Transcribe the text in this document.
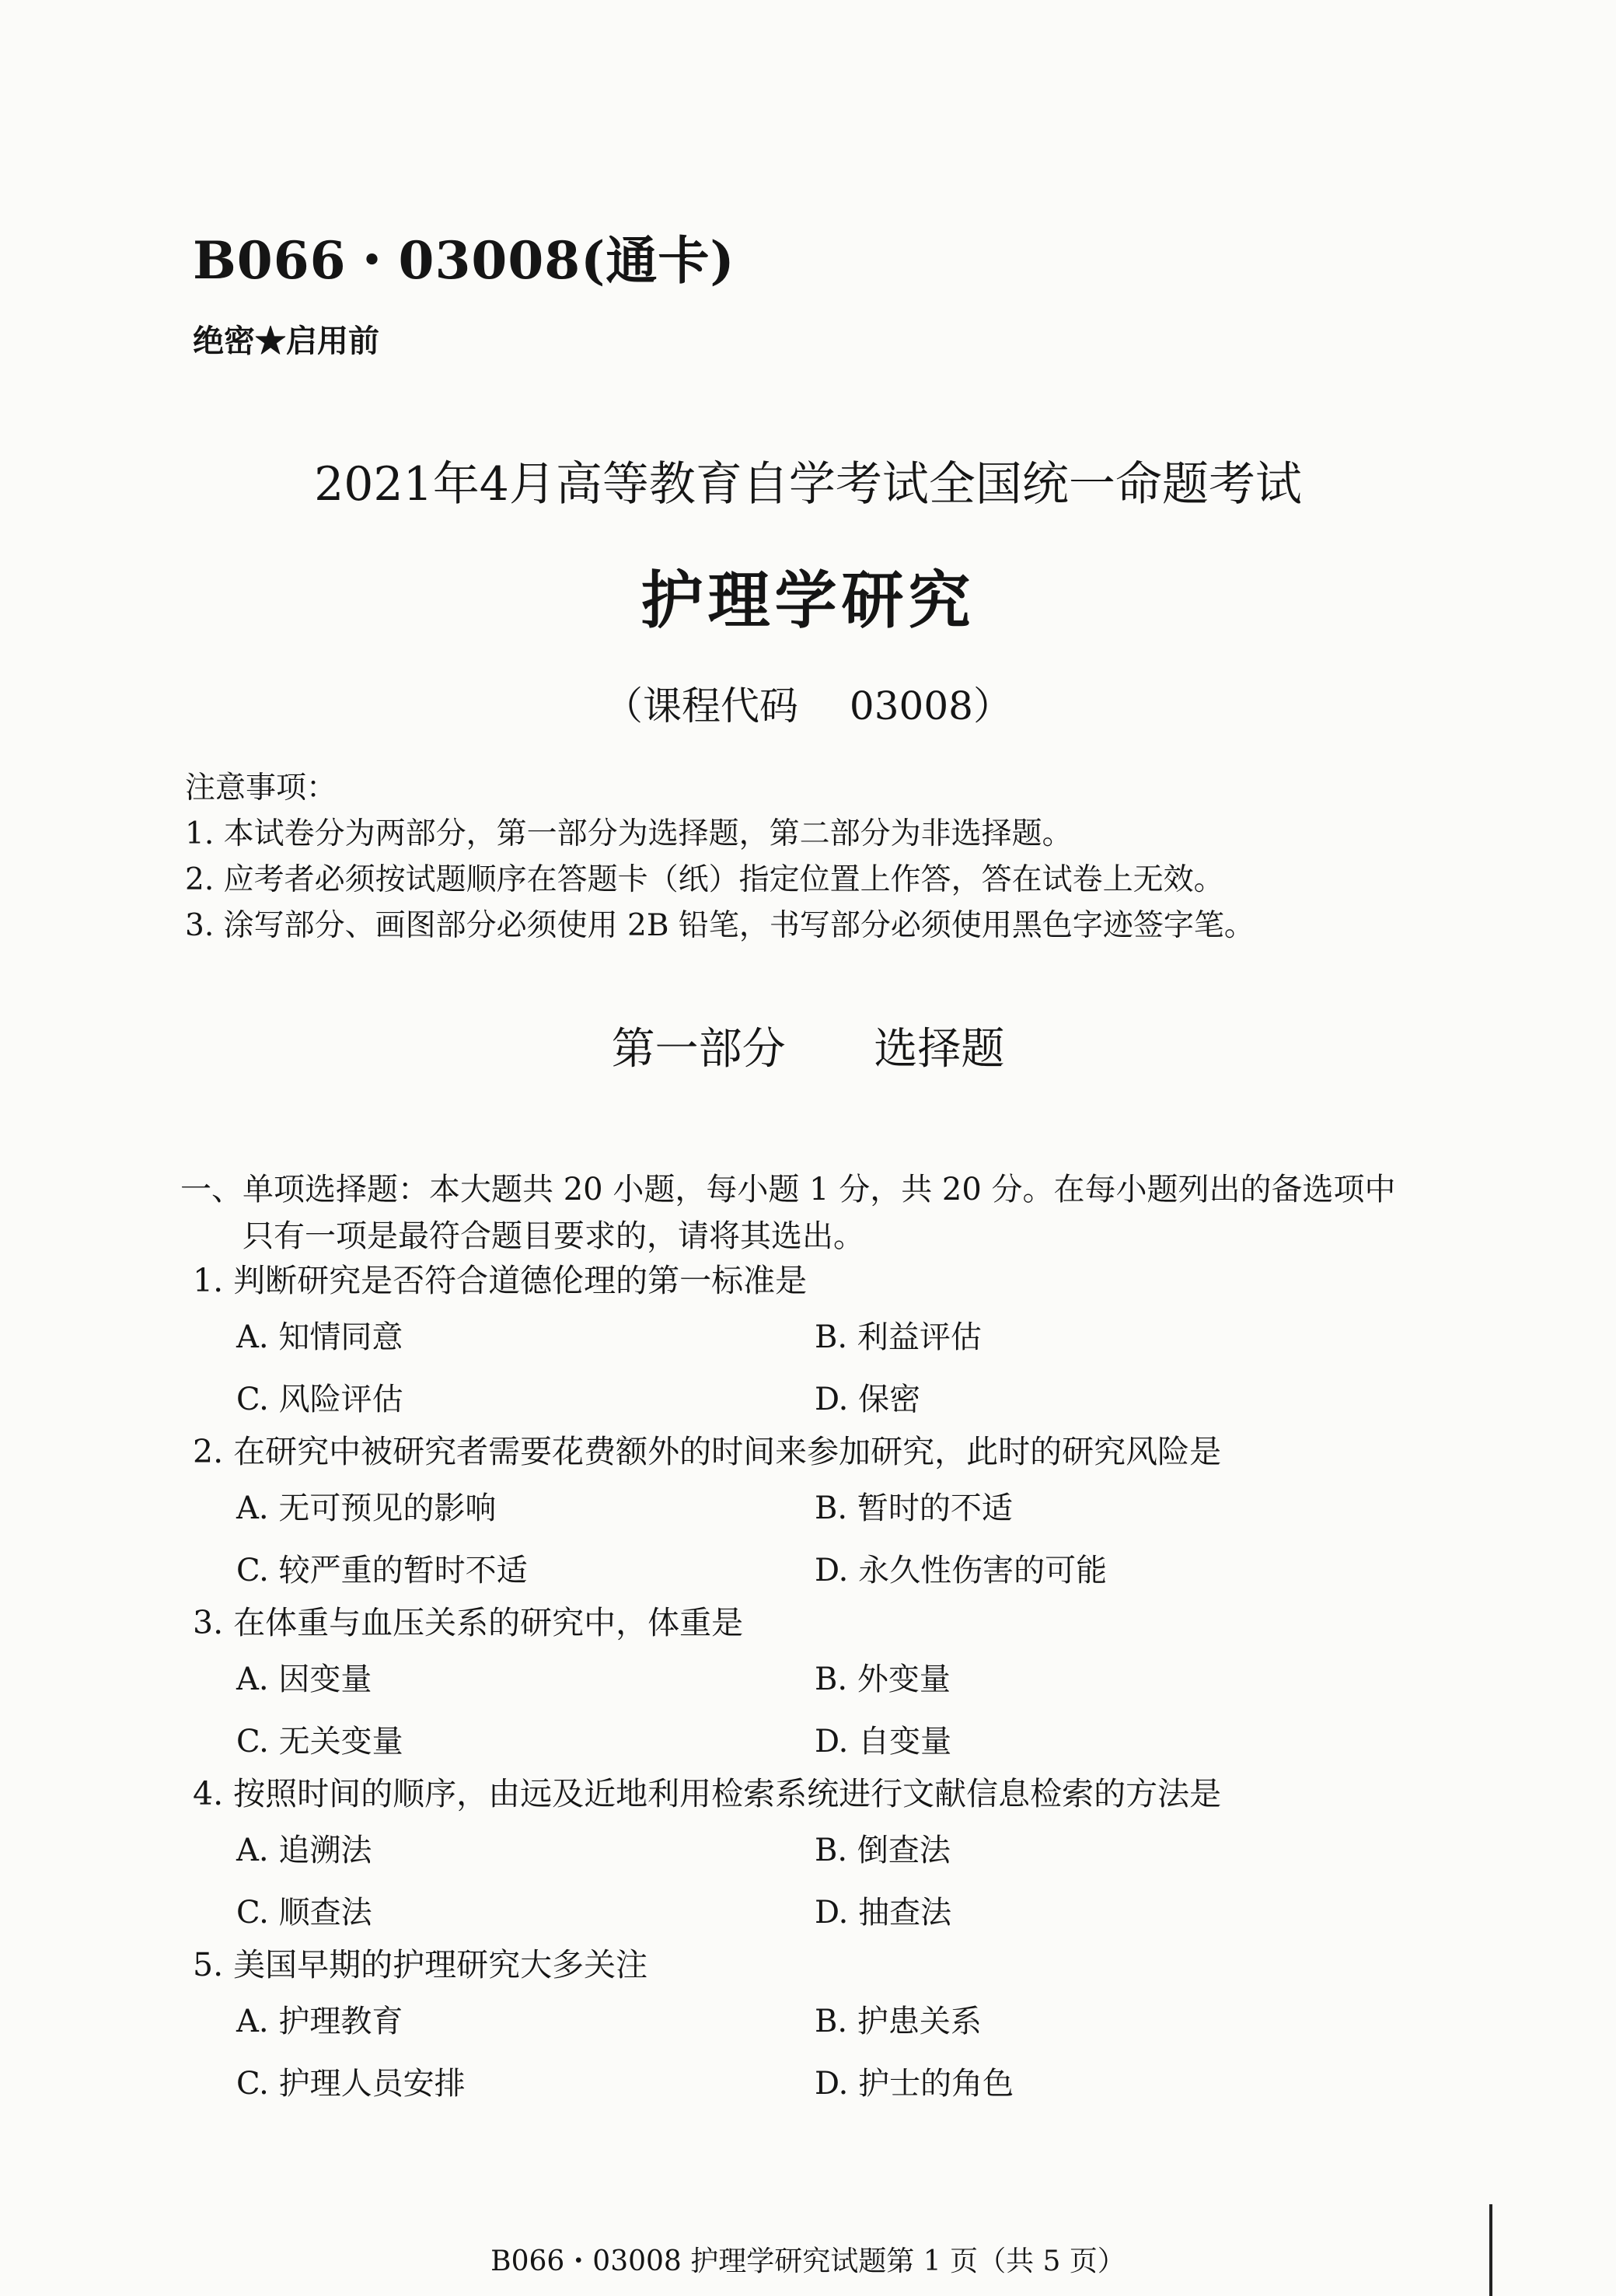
B066・03008(通卡)
绝密★启用前
2021年4月高等教育自学考试全国统一命题考试
护理学研究
（课程代码　 03008）
注意事项：
1. 本试卷分为两部分，第一部分为选择题，第二部分为非选择题。
2. 应考者必须按试题顺序在答题卡（纸）指定位置上作答，答在试卷上无效。
3. 涂写部分、画图部分必须使用 2B 铅笔，书写部分必须使用黑色字迹签字笔。
第一部分 选择题
一、单项选择题：本大题共 20 小题，每小题 1 分，共 20 分。在每小题列出的备选项中
只有一项是最符合题目要求的，请将其选出。
1. 判断研究是否符合道德伦理的第一标准是
A. 知情同意	B. 利益评估
C. 风险评估	D. 保密
2. 在研究中被研究者需要花费额外的时间来参加研究，此时的研究风险是
A. 无可预见的影响	B. 暂时的不适
C. 较严重的暂时不适	D. 永久性伤害的可能
3. 在体重与血压关系的研究中，体重是
A. 因变量	B. 外变量
C. 无关变量	D. 自变量
4. 按照时间的顺序，由远及近地利用检索系统进行文献信息检索的方法是
A. 追溯法	B. 倒查法
C. 顺查法	D. 抽查法
5. 美国早期的护理研究大多关注
A. 护理教育	B. 护患关系
C. 护理人员安排	D. 护士的角色
B066・03008 护理学研究试题第 1 页（共 5 页）
